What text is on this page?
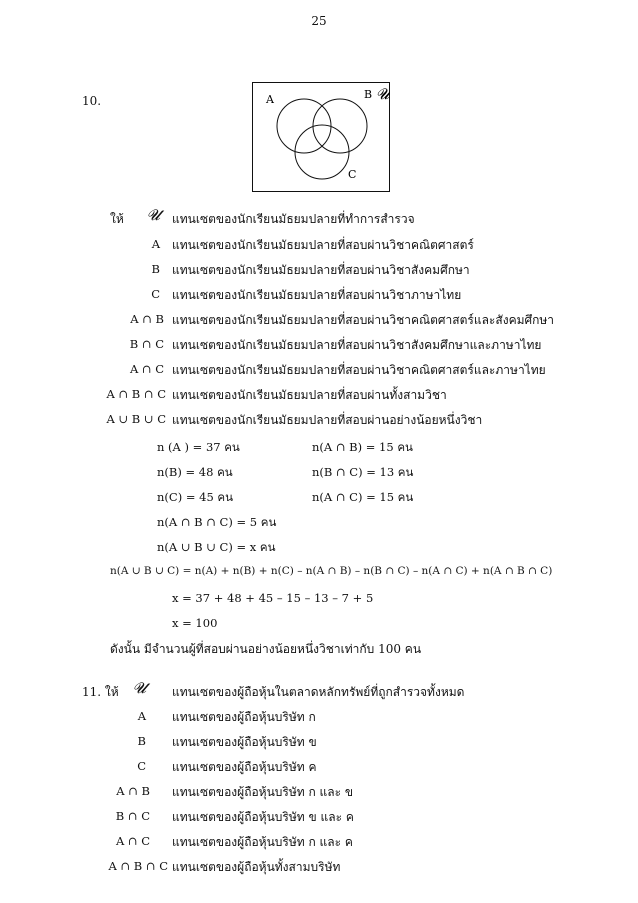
25
10.	A	B 𝓤
C
ให้	𝓤 แทนเซตของนักเรียนมัธยมปลายที่ทำการสำรวจ
A แทนเซตของนักเรียนมัธยมปลายที่สอบผ่านวิชาคณิตศาสตร์
B แทนเซตของนักเรียนมัธยมปลายที่สอบผ่านวิชาสังคมศึกษา
C แทนเซตของนักเรียนมัธยมปลายที่สอบผ่านวิชาภาษาไทย
A ∩ B แทนเซตของนักเรียนมัธยมปลายที่สอบผ่านวิชาคณิตศาสตร์และสังคมศึกษา
B ∩ C แทนเซตของนักเรียนมัธยมปลายที่สอบผ่านวิชาสังคมศึกษาและภาษาไทย
A ∩ C แทนเซตของนักเรียนมัธยมปลายที่สอบผ่านวิชาคณิตศาสตร์และภาษาไทย
A ∩ B ∩ C แทนเซตของนักเรียนมัธยมปลายที่สอบผ่านทั้งสามวิชา
A ∪ B ∪ C แทนเซตของนักเรียนมัธยมปลายที่สอบผ่านอย่างน้อยหนึ่งวิชา
n (A ) = 37 คน	n(A ∩ B) = 15 คน
n(B) = 48 คน	n(B ∩ C) = 13 คน
n(C) = 45 คน	n(A ∩ C) = 15 คน
n(A ∩ B ∩ C) = 5 คน
n(A ∪ B ∪ C) = x คน
n(A ∪ B ∪ C) = n(A) + n(B) + n(C) – n(A ∩ B) – n(B ∩ C) – n(A ∩ C) + n(A ∩ B ∩ C)
x = 37 + 48 + 45 – 15 – 13 – 7 + 5
x = 100
ดังนั้น มีจำนวนผู้ที่สอบผ่านอย่างน้อยหนึ่งวิชาเท่ากับ 100 คน
11. ให้ 𝓤 แทนเซตของผู้ถือหุ้นในตลาดหลักทรัพย์ที่ถูกสำรวจทั้งหมด
A แทนเซตของผู้ถือหุ้นบริษัท ก
B แทนเซตของผู้ถือหุ้นบริษัท ข
C แทนเซตของผู้ถือหุ้นบริษัท ค
A ∩ B แทนเซตของผู้ถือหุ้นบริษัท ก และ ข
B ∩ C แทนเซตของผู้ถือหุ้นบริษัท ข และ ค
A ∩ C แทนเซตของผู้ถือหุ้นบริษัท ก และ ค
A ∩ B ∩ C แทนเซตของผู้ถือหุ้นทั้งสามบริษัท
